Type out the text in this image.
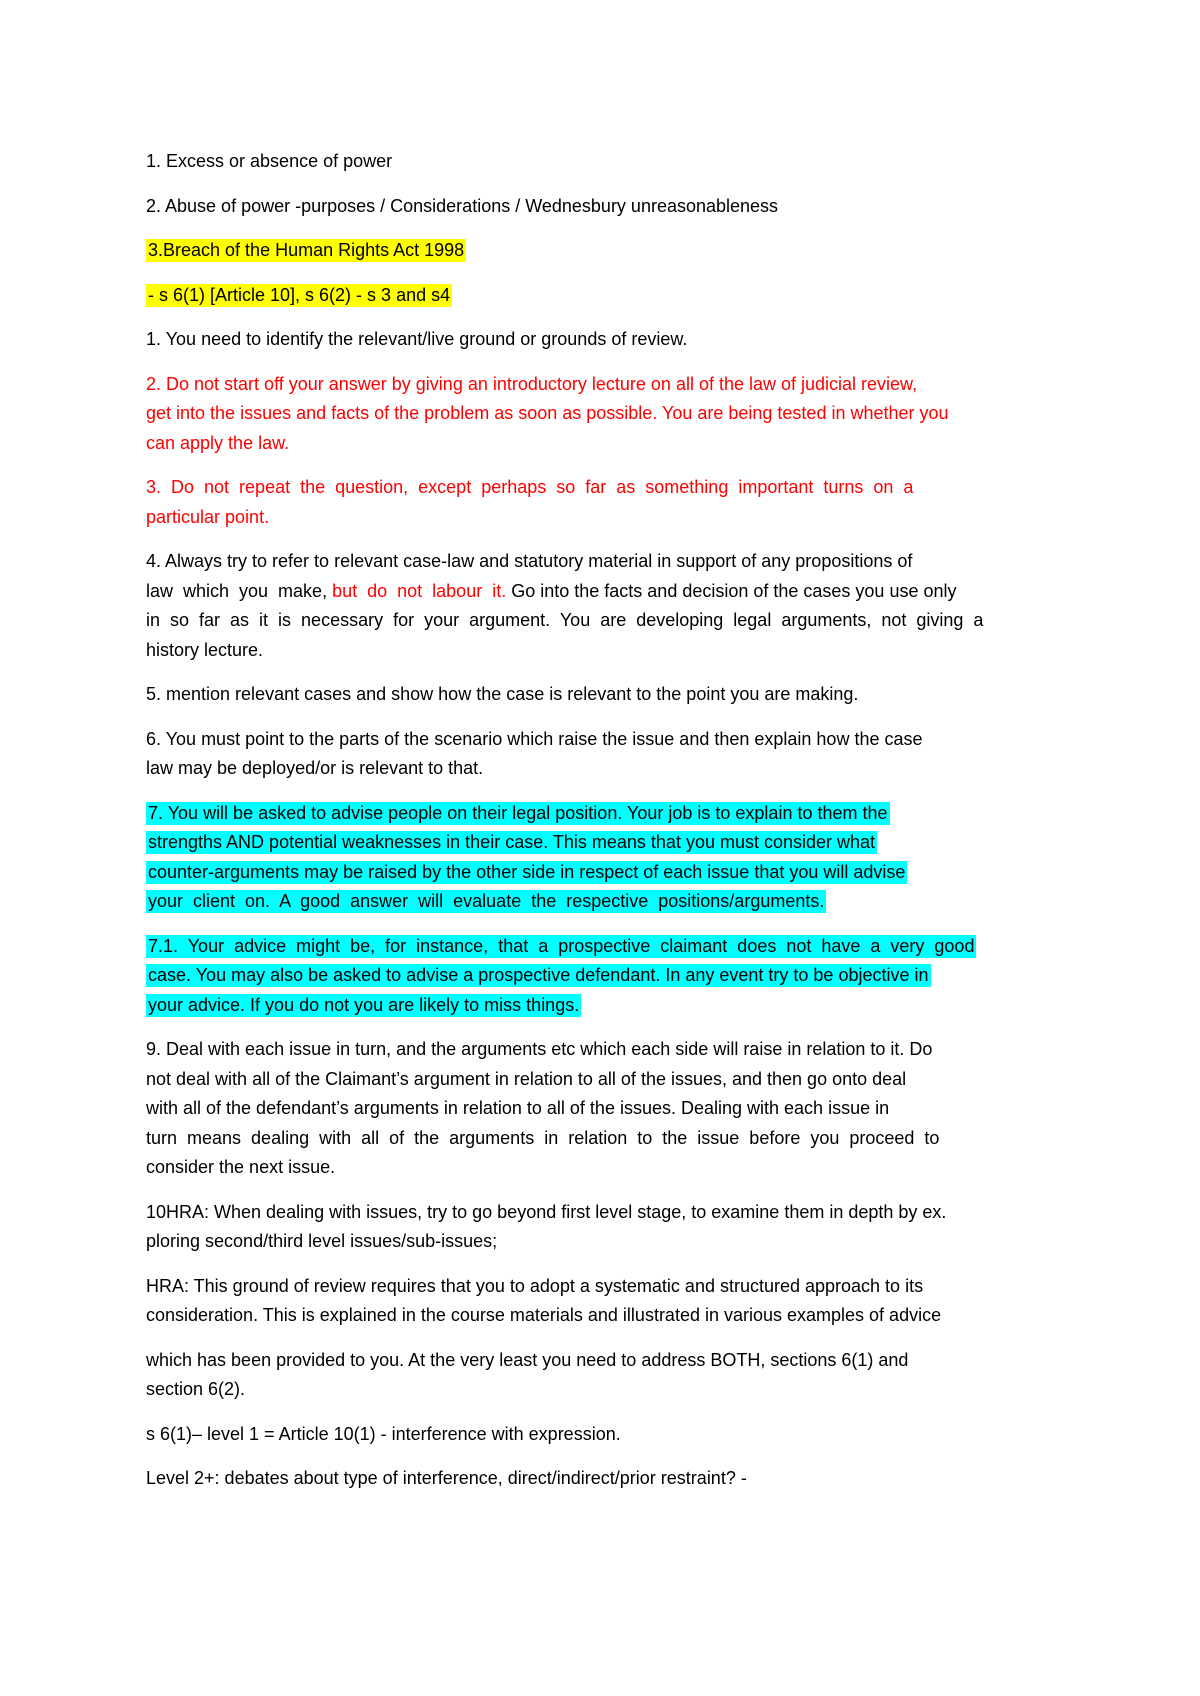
1. Excess or absence of power

2. Abuse of power -purposes / Considerations / Wednesbury unreasonableness

3.Breach of the Human Rights Act 1998

- s 6(1) [Article 10], s 6(2) - s 3 and s4

1. You need to identify the relevant/live ground or grounds of review.

2. Do not start off your answer by giving an introductory lecture on all of the law of judicial review,
get into the issues and facts of the problem as soon as possible. You are being tested in whether you
can apply the law.

3. Do not repeat the question, except perhaps so far as something important turns on a
particular point.

4. Always try to refer to relevant case-law and statutory material in support of any propositions of
law which you make, but do not labour it. Go into the facts and decision of the cases you use only
in so far as it is necessary for your argument. You are developing legal arguments, not giving a
history lecture.

5. mention relevant cases and show how the case is relevant to the point you are making.

6. You must point to the parts of the scenario which raise the issue and then explain how the case
law may be deployed/or is relevant to that.

7. You will be asked to advise people on their legal position. Your job is to explain to them the
strengths AND potential weaknesses in their case. This means that you must consider what
counter-arguments may be raised by the other side in respect of each issue that you will advise
your client on. A good answer will evaluate the respective positions/arguments.

7.1. Your advice might be, for instance, that a prospective claimant does not have a very good
case. You may also be asked to advise a prospective defendant. In any event try to be objective in
your advice. If you do not you are likely to miss things.

9. Deal with each issue in turn, and the arguments etc which each side will raise in relation to it. Do
not deal with all of the Claimant’s argument in relation to all of the issues, and then go onto deal
with all of the defendant’s arguments in relation to all of the issues. Dealing with each issue in
turn means dealing with all of the arguments in relation to the issue before you proceed to
consider the next issue.

10HRA: When dealing with issues, try to go beyond first level stage, to examine them in depth by ex.
ploring second/third level issues/sub-issues;

HRA: This ground of review requires that you to adopt a systematic and structured approach to its
consideration. This is explained in the course materials and illustrated in various examples of advice

which has been provided to you. At the very least you need to address BOTH, sections 6(1) and
section 6(2).

s 6(1)– level 1 = Article 10(1) - interference with expression.

Level 2+: debates about type of interference, direct/indirect/prior restraint? -
